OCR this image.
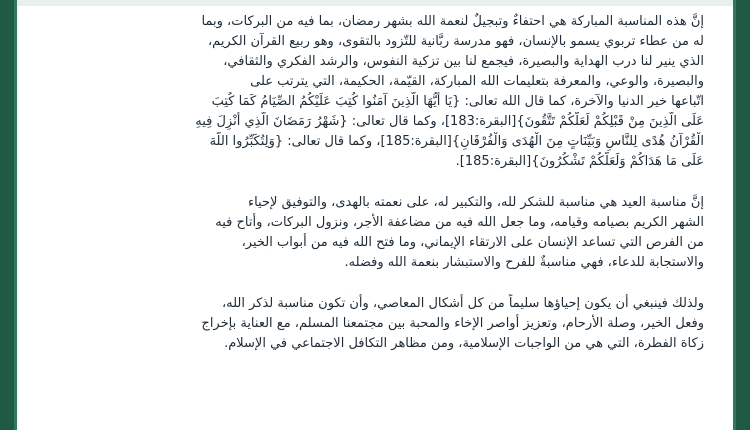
إنَّ هذه المناسبة المباركة هي احتفاءٌ وتبجيلٌ لنعمة الله بشهر رمضان، بما فيه من البركات، وبما
له من عطاء تربوي يسمو بالإنسان، فهو مدرسة ربَّانية للتّزود بالتقوى، وهو ربيع القرآن الكريم،
الذي ينير لنا درب الهداية والبصيرة، فيجمع لنا بين تزكية النفوس، والرشد الفكري والثقافي،
والبصيرة، والوعي، والمعرفة بتعليمات الله المباركة، القيّمة، الحكيمة، التي يترتب على
اتّباعها خير الدنيا والآخرة، كما قال الله تعالى: {يَا أَيُّهَا الَّذِينَ آمَنُوا كُتِبَ عَلَيْكُمُ الصِّيَامُ كَمَا كُتِبَ
عَلَى الَّذِينَ مِنْ قَبْلِكُمْ لَعَلَّكُمْ تَتَّقُونَ}[البقرة:183]، وكما قال تعالى: {شَهْرُ رَمَضَانَ الَّذِي أُنْزِلَ فِيهِ
الْقُرْآنُ هُدًى لِلنَّاسِ وَبَيِّنَاتٍ مِنَ الْهُدَى وَالْفُرْقَانِ}[البقرة:185]، وكما قال تعالى: {وَلِتُكَبِّرُوا اللَّهَ
عَلَى مَا هَدَاكُمْ وَلَعَلَّكُمْ تَشْكُرُونَ}[البقرة:185].

إنَّ مناسبة العيد هي مناسبة للشكر لله، والتكبير له، على نعمته بالهدى، والتوفيق لإحياء
الشهر الكريم بصيامه وقيامه، وما جعل الله فيه من مضاعفة الأجر، ونزول البركات، وأتاح فيه
من الفرص التي تساعد الإنسان على الارتقاء الإيماني، وما فتح الله فيه من أبواب الخير،
والاستجابة للدعاء، فهي مناسبةٌ للفرح والاستبشار بنعمة الله وفضله.

ولذلك فينبغي أن يكون إحياؤها سليماً من كل أشكال المعاصي، وأن تكون مناسبة لذكر الله،
وفعل الخير، وصلة الأرحام، وتعزيز أواصر الإخاء والمحبة بين مجتمعنا المسلم، مع العناية بإخراج
زكاة الفطرة، التي هي من الواجبات الإسلامية، ومن مظاهر التكافل الاجتماعي في الإسلام.
